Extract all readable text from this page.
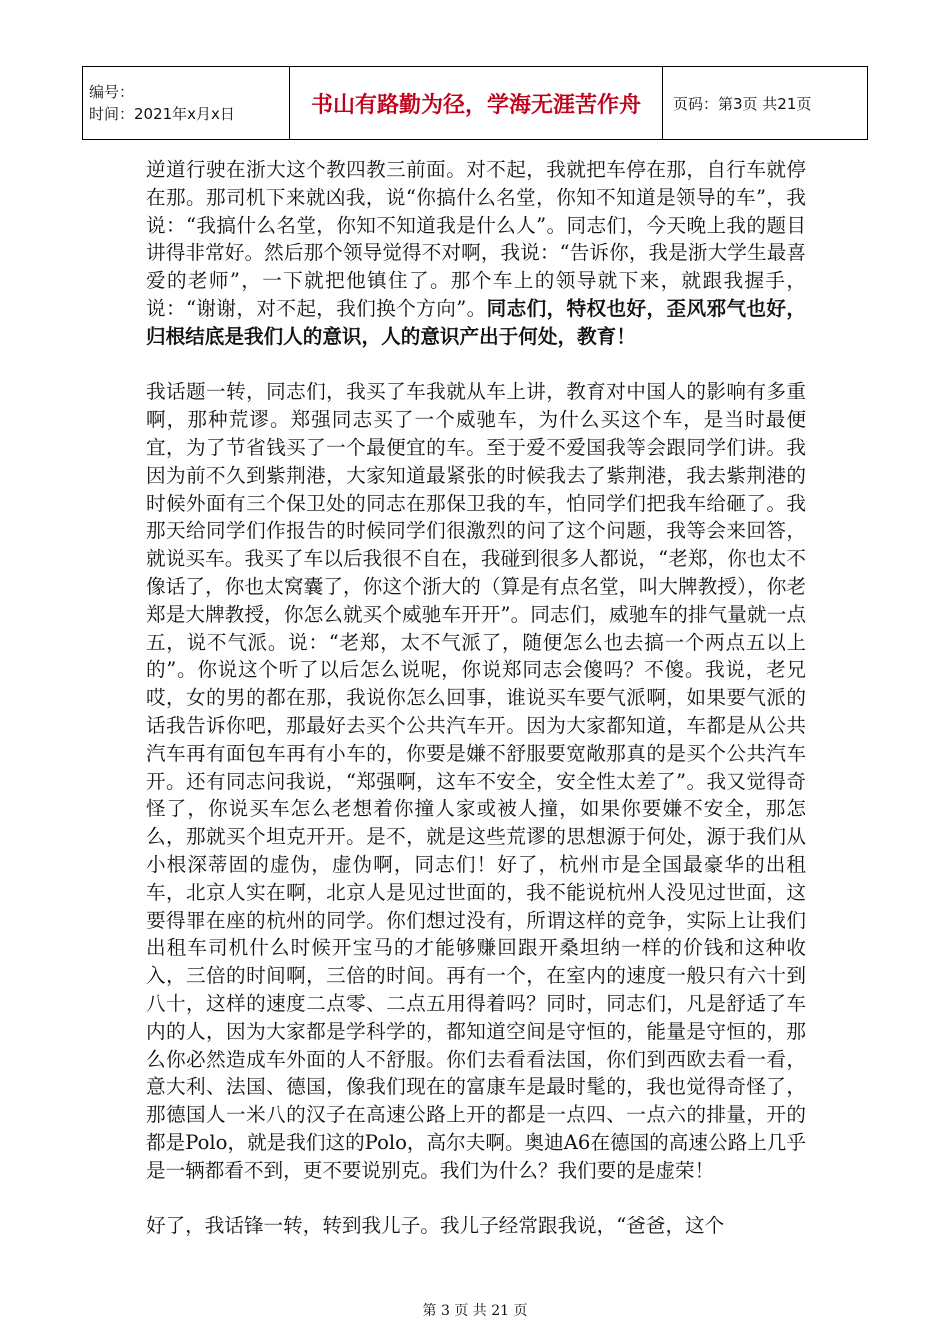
编号：
时间：2021年x月x日	书山有路勤为径，学海无涯苦作舟	页码：第3页 共21页

逆道行驶在浙大这个教四教三前面。对不起，我就把车停在那，自行车就停在那。那司机下来就凶我，说“你搞什么名堂，你知不知道是领导的车”，我说：“我搞什么名堂，你知不知道我是什么人”。同志们，今天晚上我的题目讲得非常好。然后那个领导觉得不对啊，我说：“告诉你，我是浙大学生最喜爱的老师”，一下就把他镇住了。那个车上的领导就下来，就跟我握手，说：“谢谢，对不起，我们换个方向”。同志们，特权也好，歪风邪气也好，归根结底是我们人的意识，人的意识产出于何处，教育！

我话题一转，同志们，我买了车我就从车上讲，教育对中国人的影响有多重啊，那种荒谬。郑强同志买了一个威驰车，为什么买这个车，是当时最便宜，为了节省钱买了一个最便宜的车。至于爱不爱国我等会跟同学们讲。我因为前不久到紫荆港，大家知道最紧张的时候我去了紫荆港，我去紫荆港的时候外面有三个保卫处的同志在那保卫我的车，怕同学们把我车给砸了。我那天给同学们作报告的时候同学们很激烈的问了这个问题，我等会来回答，就说买车。我买了车以后我很不自在，我碰到很多人都说，“老郑，你也太不像话了，你也太窝囊了，你这个浙大的（算是有点名堂，叫大牌教授），你老郑是大牌教授，你怎么就买个威驰车开开”。同志们，威驰车的排气量就一点五，说不气派。说：“老郑，太不气派了，随便怎么也去搞一个两点五以上的”。你说这个听了以后怎么说呢，你说郑同志会傻吗？不傻。我说，老兄哎，女的男的都在那，我说你怎么回事，谁说买车要气派啊，如果要气派的话我告诉你吧，那最好去买个公共汽车开。因为大家都知道，车都是从公共汽车再有面包车再有小车的，你要是嫌不舒服要宽敞那真的是买个公共汽车开。还有同志问我说，“郑强啊，这车不安全，安全性太差了”。我又觉得奇怪了，你说买车怎么老想着你撞人家或被人撞，如果你要嫌不安全，那怎么，那就买个坦克开开。是不，就是这些荒谬的思想源于何处，源于我们从小根深蒂固的虚伪，虚伪啊，同志们！好了，杭州市是全国最豪华的出租车，北京人实在啊，北京人是见过世面的，我不能说杭州人没见过世面，这要得罪在座的杭州的同学。你们想过没有，所谓这样的竞争，实际上让我们出租车司机什么时候开宝马的才能够赚回跟开桑坦纳一样的价钱和这种收入，三倍的时间啊，三倍的时间。再有一个，在室内的速度一般只有六十到八十，这样的速度二点零、二点五用得着吗？同时，同志们，凡是舒适了车内的人，因为大家都是学科学的，都知道空间是守恒的，能量是守恒的，那么你必然造成车外面的人不舒服。你们去看看法国，你们到西欧去看一看，意大利、法国、德国，像我们现在的富康车是最时髦的，我也觉得奇怪了，那德国人一米八的汉子在高速公路上开的都是一点四、一点六的排量，开的都是Polo，就是我们这的Polo，高尔夫啊。奥迪A6在德国的高速公路上几乎是一辆都看不到，更不要说别克。我们为什么？我们要的是虚荣！

好了，我话锋一转，转到我儿子。我儿子经常跟我说，“爸爸，这个

第 3 页 共 21 页
